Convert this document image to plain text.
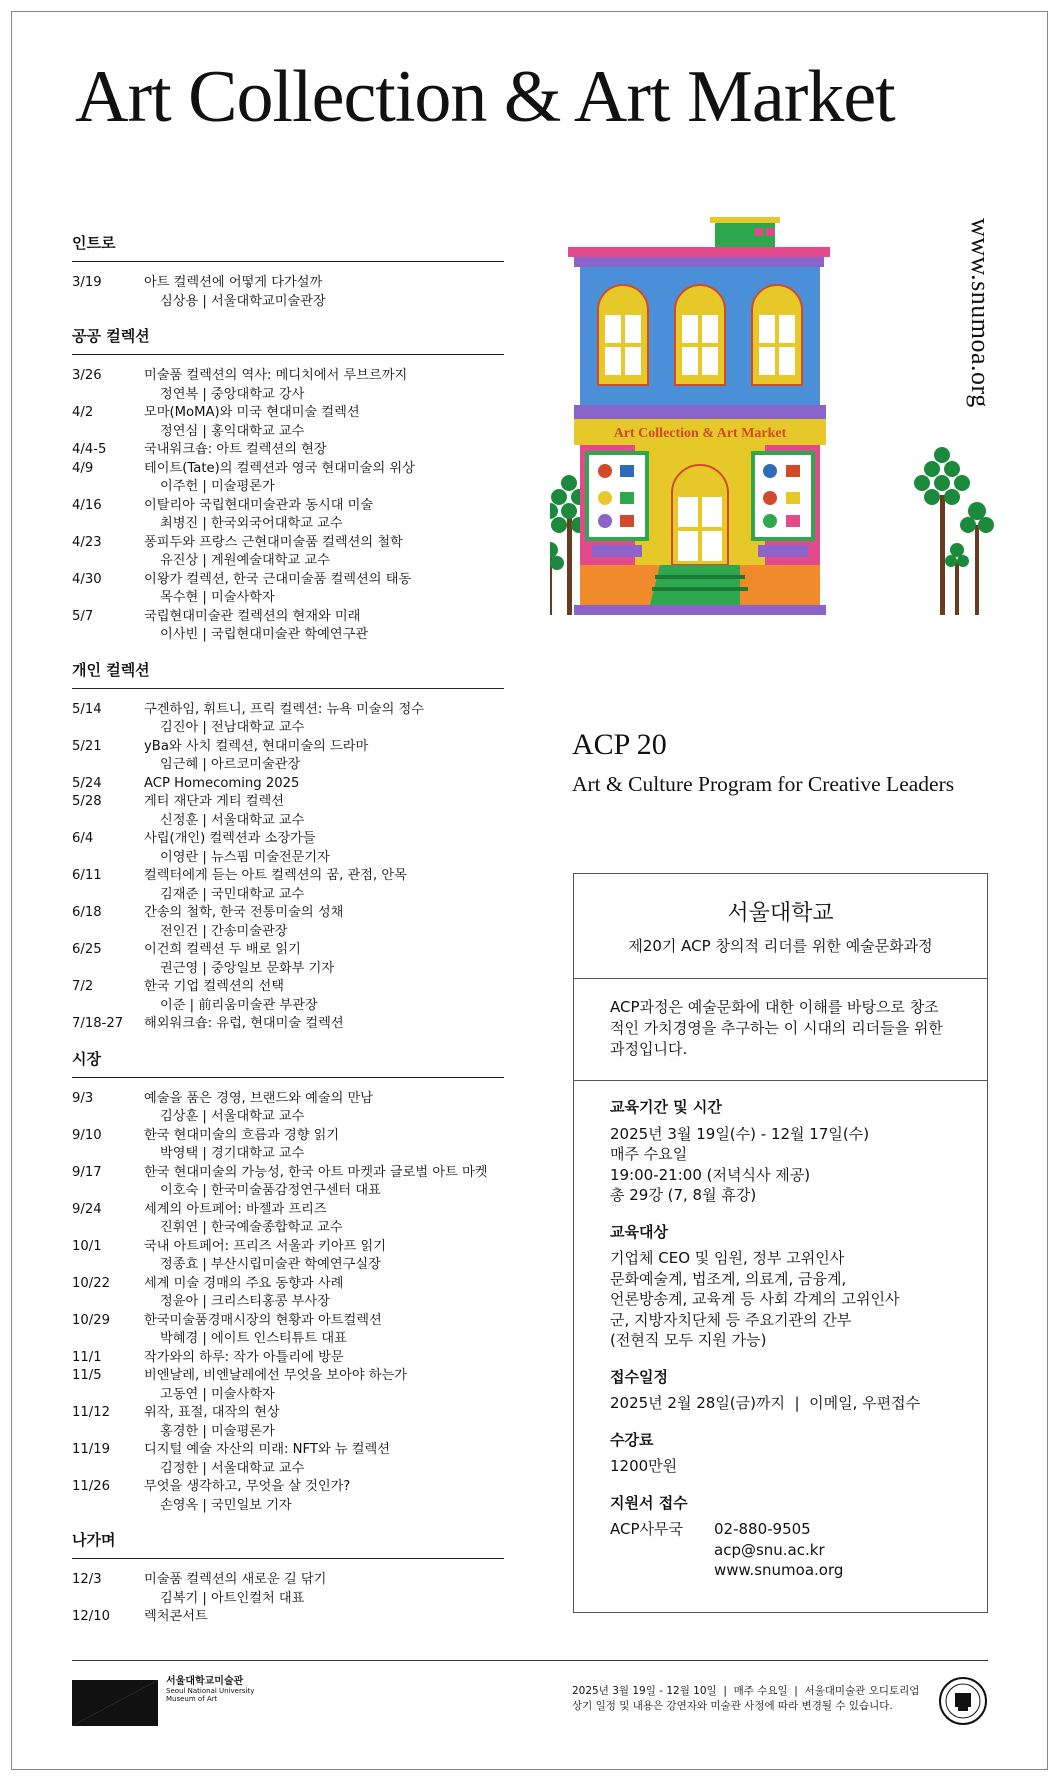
Art Collection & Art Market
인트로
3/19	아트 컬렉션에 어떻게 다가설까
심상용 | 서울대학교미술관장
공공 컬렉션
3/26	미술품 컬렉션의 역사: 메디치에서 루브르까지
정연복 | 중앙대학교 강사
4/2	모마(MoMA)와 미국 현대미술 컬렉션
정연심 | 홍익대학교 교수
4/4-5	국내워크숍: 아트 컬렉션의 현장
4/9	테이트(Tate)의 컬렉션과 영국 현대미술의 위상
이주헌 | 미술평론가
4/16	이탈리아 국립현대미술관과 동시대 미술
최병진 | 한국외국어대학교 교수
4/23	퐁피두와 프랑스 근현대미술품 컬렉션의 철학
유진상 | 계원예술대학교 교수
4/30	이왕가 컬렉션, 한국 근대미술품 컬렉션의 태동
목수현 | 미술사학자
5/7	국립현대미술관 컬렉션의 현재와 미래
이사빈 | 국립현대미술관 학예연구관
개인 컬렉션
5/14	구겐하임, 휘트니, 프릭 컬렉션: 뉴욕 미술의 정수
김진아 | 전남대학교 교수
5/21	yBa와 사치 컬렉션, 현대미술의 드라마
임근혜 | 아르코미술관장
5/24	ACP Homecoming 2025
5/28	게티 재단과 게티 컬렉션
신정훈 | 서울대학교 교수
6/4	사립(개인) 컬렉션과 소장가들
이영란 | 뉴스핌 미술전문기자
6/11	컬렉터에게 듣는 아트 컬렉션의 꿈, 관점, 안목
김재준 | 국민대학교 교수
6/18	간송의 철학, 한국 전통미술의 성채
전인건 | 간송미술관장
6/25	이건희 컬렉션 두 배로 읽기
권근영 | 중앙일보 문화부 기자
7/2	한국 기업 컬렉션의 선택
이준 | 前리움미술관 부관장
7/18-27	해외워크숍: 유럽, 현대미술 컬렉션
시장
9/3	예술을 품은 경영, 브랜드와 예술의 만남
김상훈 | 서울대학교 교수
9/10	한국 현대미술의 흐름과 경향 읽기
박영택 | 경기대학교 교수
9/17	한국 현대미술의 가능성, 한국 아트 마켓과 글로벌 아트 마켓
이호숙 | 한국미술품감정연구센터 대표
9/24	세계의 아트페어: 바젤과 프리즈
진휘연 | 한국예술종합학교 교수
10/1	국내 아트페어: 프리즈 서울과 키아프 읽기
정종효 | 부산시립미술관 학예연구실장
10/22	세계 미술 경매의 주요 동향과 사례
정윤아 | 크리스티홍콩 부사장
10/29	한국미술품경매시장의 현황과 아트컬렉션
박혜경 | 에이트 인스티튜트 대표
11/1	작가와의 하루: 작가 아틀리에 방문
11/5	비엔날레, 비엔날레에선 무엇을 보아야 하는가
고동연 | 미술사학자
11/12	위작, 표절, 대작의 현상
홍경한 | 미술평론가
11/19	디지털 예술 자산의 미래: NFT와 뉴 컬렉션
김정한 | 서울대학교 교수
11/26	무엇을 생각하고, 무엇을 살 것인가?
손영옥 | 국민일보 기자
나가며
12/3	미술품 컬렉션의 새로운 길 닦기
김복기 | 아트인컬처 대표
12/10	렉처콘서트
www.snumoa.org
Art Collection & Art Market
ACP 20
Art & Culture Program for Creative Leaders
서울대학교
제20기 ACP 창의적 리더를 위한 예술문화과정
ACP과정은 예술문화에 대한 이해를 바탕으로 창조적인 가치경영을 추구하는 이 시대의 리더들을 위한 과정입니다.
교육기간 및 시간
2025년 3월 19일(수) - 12월 17일(수)
매주 수요일
19:00-21:00 (저녁식사 제공)
총 29강 (7, 8월 휴강)
교육대상
기업체 CEO 및 임원, 정부 고위인사
문화예술계, 법조계, 의료계, 금융계,
언론방송계, 교육계 등 사회 각계의 고위인사
군, 지방자치단체 등 주요기관의 간부
(전현직 모두 지원 가능)
접수일정
2025년 2월 28일(금)까지  |  이메일, 우편접수
수강료
1200만원
지원서 접수
ACP사무국	02-880-9505
acp@snu.ac.kr
www.snumoa.org
서울대학교미술관
Seoul National University
Museum of Art
2025년 3월 19일 - 12월 10일  |  매주 수요일  |  서울대미술관 오디토리엄
상기 일정 및 내용은 강연자와 미술관 사정에 따라 변경될 수 있습니다.
